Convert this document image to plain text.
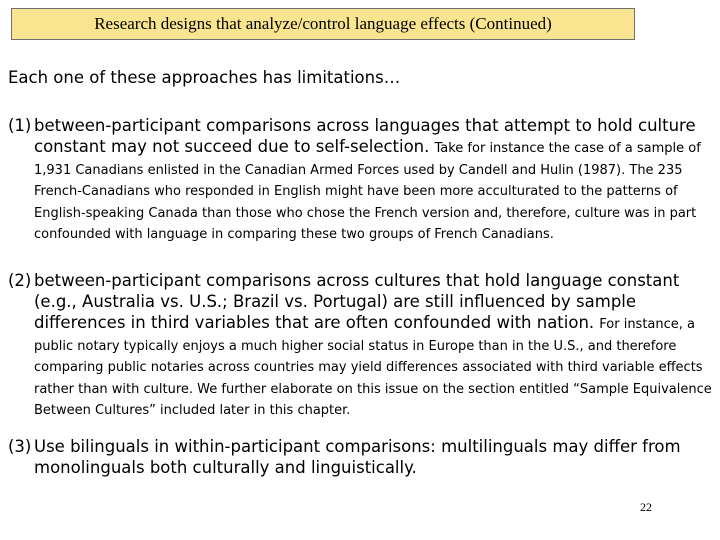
Research designs that analyze/control language effects (Continued)
Each one of these approaches has limitations…
(1) between-participant comparisons across languages that attempt to hold culture constant may not succeed due to self-selection. Take for instance the case of a sample of 1,931 Canadians enlisted in the Canadian Armed Forces used by Candell and Hulin (1987). The 235 French-Canadians who responded in English might have been more acculturated to the patterns of English-speaking Canada than those who chose the French version and, therefore, culture was in part confounded with language in comparing these two groups of French Canadians.
(2) between-participant comparisons across cultures that hold language constant (e.g., Australia vs. U.S.; Brazil vs. Portugal) are still influenced by sample differences in third variables that are often confounded with nation. For instance, a public notary typically enjoys a much higher social status in Europe than in the U.S., and therefore comparing public notaries across countries may yield differences associated with third variable effects rather than with culture. We further elaborate on this issue on the section entitled “Sample Equivalence Between Cultures” included later in this chapter.
(3) Use bilinguals in within-participant comparisons: multilinguals may differ from monolinguals both culturally and linguistically.
22
